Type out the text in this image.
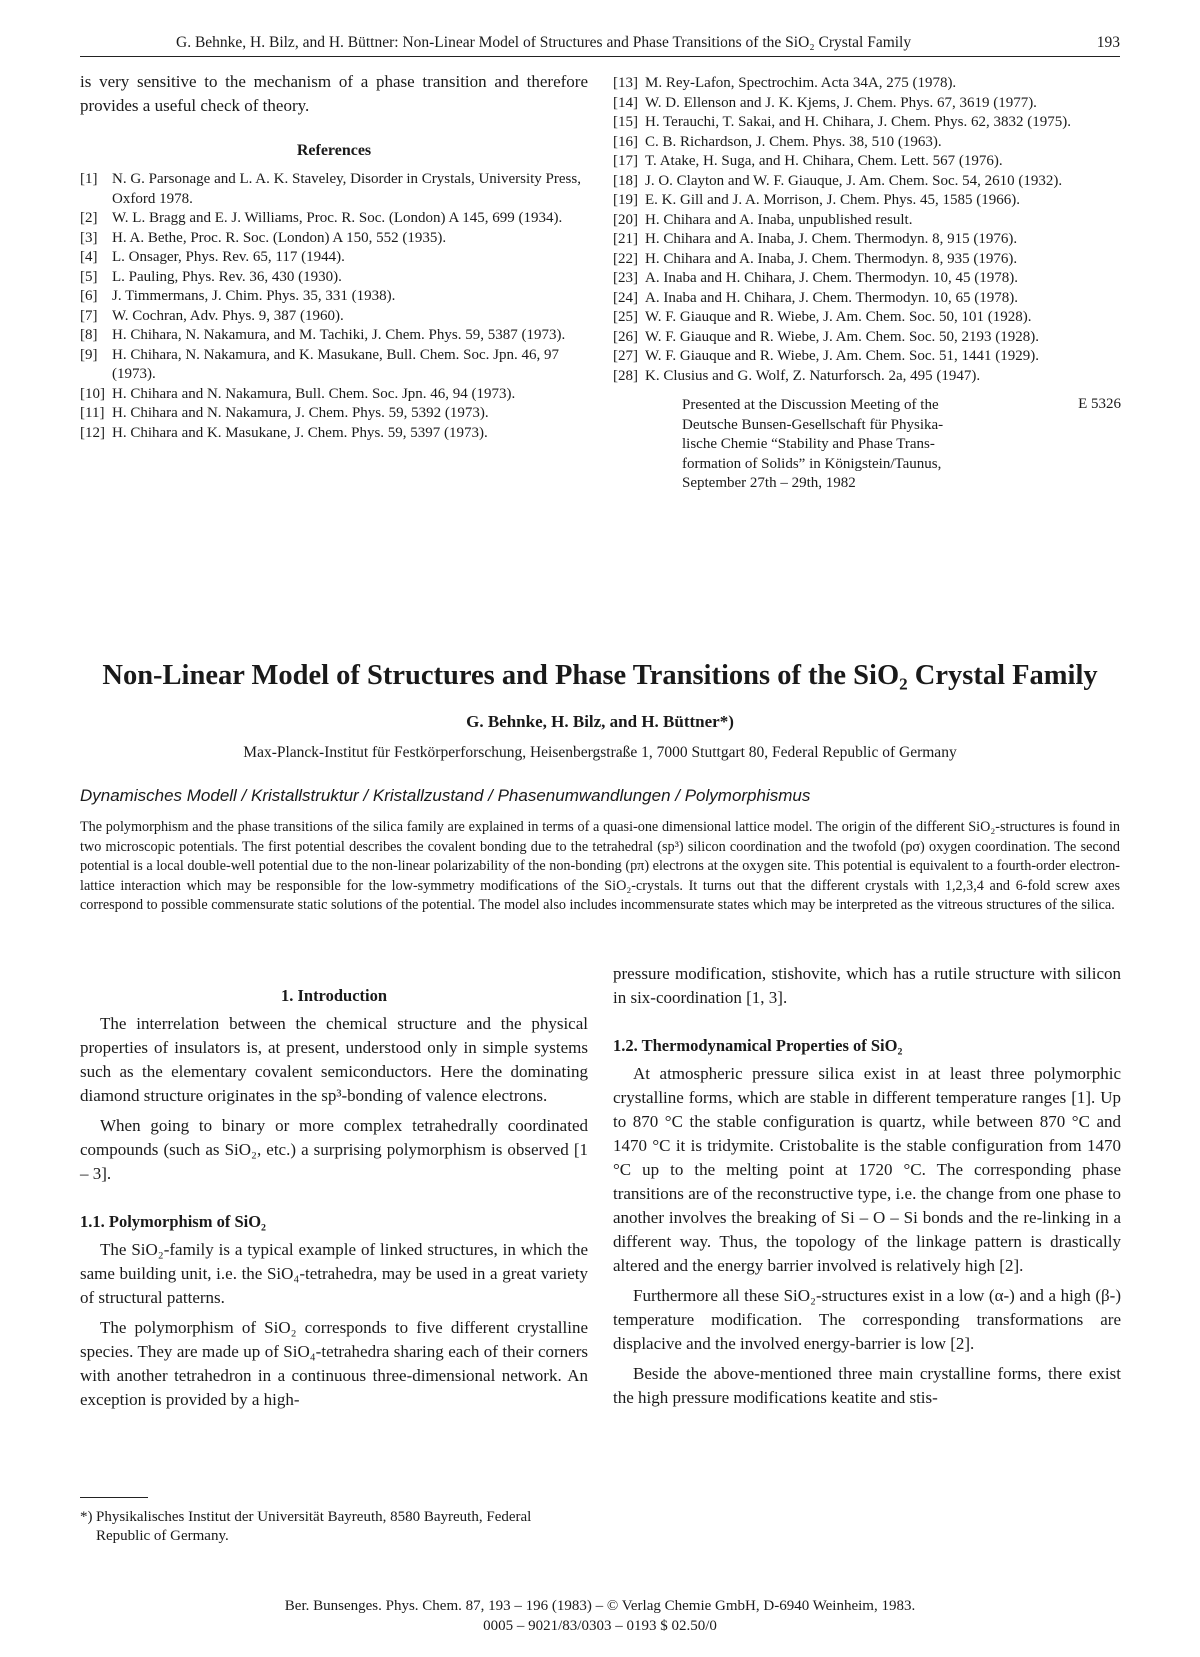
G. Behnke, H. Bilz, and H. Büttner: Non-Linear Model of Structures and Phase Transitions of the SiO₂ Crystal Family	193

is very sensitive to the mechanism of a phase transition and therefore provides a useful check of theory.

References
[1] N. G. Parsonage and L. A. K. Staveley, Disorder in Crystals, University Press, Oxford 1978.
[2] W. L. Bragg and E. J. Williams, Proc. R. Soc. (London) A 145, 699 (1934).
[3] H. A. Bethe, Proc. R. Soc. (London) A 150, 552 (1935).
[4] L. Onsager, Phys. Rev. 65, 117 (1944).
[5] L. Pauling, Phys. Rev. 36, 430 (1930).
[6] J. Timmermans, J. Chim. Phys. 35, 331 (1938).
[7] W. Cochran, Adv. Phys. 9, 387 (1960).
[8] H. Chihara, N. Nakamura, and M. Tachiki, J. Chem. Phys. 59, 5387 (1973).
[9] H. Chihara, N. Nakamura, and K. Masukane, Bull. Chem. Soc. Jpn. 46, 97 (1973).
[10] H. Chihara and N. Nakamura, Bull. Chem. Soc. Jpn. 46, 94 (1973).
[11] H. Chihara and N. Nakamura, J. Chem. Phys. 59, 5392 (1973).
[12] H. Chihara and K. Masukane, J. Chem. Phys. 59, 5397 (1973).
[13] M. Rey-Lafon, Spectrochim. Acta 34A, 275 (1978).
[14] W. D. Ellenson and J. K. Kjems, J. Chem. Phys. 67, 3619 (1977).
[15] H. Terauchi, T. Sakai, and H. Chihara, J. Chem. Phys. 62, 3832 (1975).
[16] C. B. Richardson, J. Chem. Phys. 38, 510 (1963).
[17] T. Atake, H. Suga, and H. Chihara, Chem. Lett. 567 (1976).
[18] J. O. Clayton and W. F. Giauque, J. Am. Chem. Soc. 54, 2610 (1932).
[19] E. K. Gill and J. A. Morrison, J. Chem. Phys. 45, 1585 (1966).
[20] H. Chihara and A. Inaba, unpublished result.
[21] H. Chihara and A. Inaba, J. Chem. Thermodyn. 8, 915 (1976).
[22] H. Chihara and A. Inaba, J. Chem. Thermodyn. 8, 935 (1976).
[23] A. Inaba and H. Chihara, J. Chem. Thermodyn. 10, 45 (1978).
[24] A. Inaba and H. Chihara, J. Chem. Thermodyn. 10, 65 (1978).
[25] W. F. Giauque and R. Wiebe, J. Am. Chem. Soc. 50, 101 (1928).
[26] W. F. Giauque and R. Wiebe, J. Am. Chem. Soc. 50, 2193 (1928).
[27] W. F. Giauque and R. Wiebe, J. Am. Chem. Soc. 51, 1441 (1929).
[28] K. Clusius and G. Wolf, Z. Naturforsch. 2a, 495 (1947).
Presented at the Discussion Meeting of the
Deutsche Bunsen-Gesellschaft für Physika-
lische Chemie “Stability and Phase Trans-
formation of Solids” in Königstein/Taunus,
September 27th – 29th, 1982
E 5326
Non-Linear Model of Structures and Phase Transitions of the SiO₂ Crystal Family
G. Behnke, H. Bilz, and H. Büttner*)
Max-Planck-Institut für Festkörperforschung, Heisenbergstraße 1, 7000 Stuttgart 80, Federal Republic of Germany
Dynamisches Modell / Kristallstruktur / Kristallzustand / Phasenumwandlungen / Polymorphismus
The polymorphism and the phase transitions of the silica family are explained in terms of a quasi-one dimensional lattice model. The origin of the different SiO₂-structures is found in two microscopic potentials. The first potential describes the covalent bonding due to the tetrahedral (sp³) silicon coordination and the twofold (pσ) oxygen coordination. The second potential is a local double-well potential due to the non-linear polarizability of the non-bonding (pπ) electrons at the oxygen site. This potential is equivalent to a fourth-order electron-lattice interaction which may be responsible for the low-symmetry modifications of the SiO₂-crystals. It turns out that the different crystals with 1,2,3,4 and 6-fold screw axes correspond to possible commensurate static solutions of the potential. The model also includes incommensurate states which may be interpreted as the vitreous structures of the silica.
1. Introduction

The interrelation between the chemical structure and the physical properties of insulators is, at present, understood only in simple systems such as the elementary covalent semiconductors. Here the dominating diamond structure originates in the sp³-bonding of valence electrons.

When going to binary or more complex tetrahedrally coordinated compounds (such as SiO₂, etc.) a surprising polymorphism is observed [1 – 3].

1.1. Polymorphism of SiO₂

The SiO₂-family is a typical example of linked structures, in which the same building unit, i.e. the SiO₄-tetrahedra, may be used in a great variety of structural patterns.

The polymorphism of SiO₂ corresponds to five different crystalline species. They are made up of SiO₄-tetrahedra sharing each of their corners with another tetrahedron in a continuous three-dimensional network. An exception is provided by a high-

*) Physikalisches Institut der Universität Bayreuth, 8580 Bayreuth, Federal Republic of Germany.

pressure modification, stishovite, which has a rutile structure with silicon in six-coordination [1, 3].

1.2. Thermodynamical Properties of SiO₂

At atmospheric pressure silica exist in at least three polymorphic crystalline forms, which are stable in different temperature ranges [1]. Up to 870 °C the stable configuration is quartz, while between 870 °C and 1470 °C it is tridymite. Cristobalite is the stable configuration from 1470 °C up to the melting point at 1720 °C. The corresponding phase transitions are of the reconstructive type, i.e. the change from one phase to another involves the breaking of Si – O – Si bonds and the re-linking in a different way. Thus, the topology of the linkage pattern is drastically altered and the energy barrier involved is relatively high [2].

Furthermore all these SiO₂-structures exist in a low (α-) and a high (β-) temperature modification. The corresponding transformations are displacive and the involved energy-barrier is low [2].

Beside the above-mentioned three main crystalline forms, there exist the high pressure modifications keatite and stis-

Ber. Bunsenges. Phys. Chem. 87, 193 – 196 (1983) – © Verlag Chemie GmbH, D-6940 Weinheim, 1983.
0005 – 9021/83/0303 – 0193 $ 02.50/0
